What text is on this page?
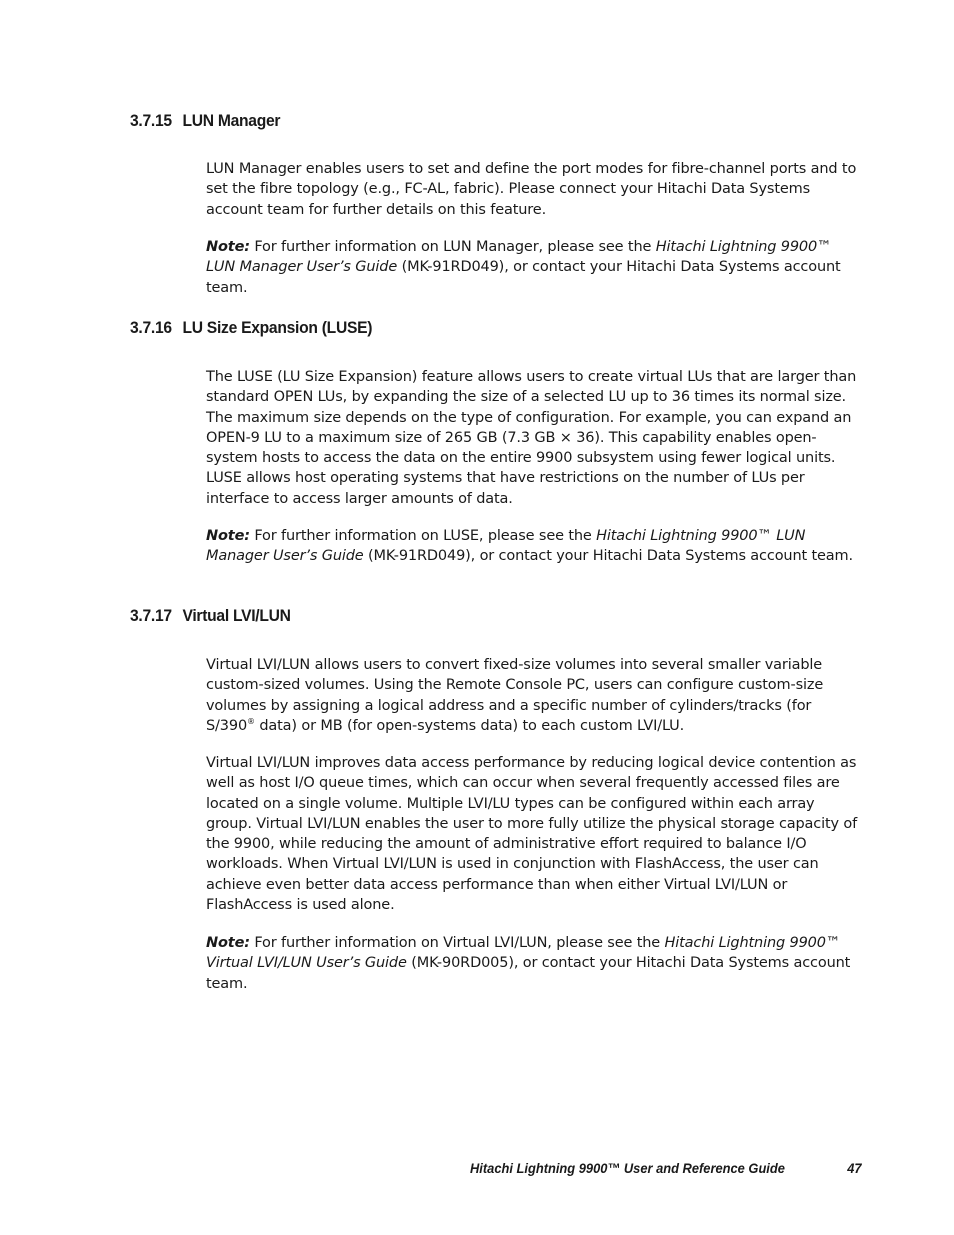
3.7.15 LUN Manager

LUN Manager enables users to set and define the port modes for fibre-channel ports and to set the fibre topology (e.g., FC-AL, fabric). Please connect your Hitachi Data Systems account team for further details on this feature.

Note: For further information on LUN Manager, please see the Hitachi Lightning 9900™ LUN Manager User’s Guide (MK-91RD049), or contact your Hitachi Data Systems account team.

3.7.16 LU Size Expansion (LUSE)

The LUSE (LU Size Expansion) feature allows users to create virtual LUs that are larger than standard OPEN LUs, by expanding the size of a selected LU up to 36 times its normal size. The maximum size depends on the type of configuration. For example, you can expand an OPEN-9 LU to a maximum size of 265 GB (7.3 GB × 36). This capability enables open-system hosts to access the data on the entire 9900 subsystem using fewer logical units. LUSE allows host operating systems that have restrictions on the number of LUs per interface to access larger amounts of data.

Note: For further information on LUSE, please see the Hitachi Lightning 9900™ LUN Manager User’s Guide (MK-91RD049), or contact your Hitachi Data Systems account team.

3.7.17 Virtual LVI/LUN

Virtual LVI/LUN allows users to convert fixed-size volumes into several smaller variable custom-sized volumes. Using the Remote Console PC, users can configure custom-size volumes by assigning a logical address and a specific number of cylinders/tracks (for S/390® data) or MB (for open-systems data) to each custom LVI/LU.

Virtual LVI/LUN improves data access performance by reducing logical device contention as well as host I/O queue times, which can occur when several frequently accessed files are located on a single volume. Multiple LVI/LU types can be configured within each array group. Virtual LVI/LUN enables the user to more fully utilize the physical storage capacity of the 9900, while reducing the amount of administrative effort required to balance I/O workloads. When Virtual LVI/LUN is used in conjunction with FlashAccess, the user can achieve even better data access performance than when either Virtual LVI/LUN or FlashAccess is used alone.

Note: For further information on Virtual LVI/LUN, please see the Hitachi Lightning 9900™ Virtual LVI/LUN User’s Guide (MK-90RD005), or contact your Hitachi Data Systems account team.

Hitachi Lightning 9900™ User and Reference Guide	47
